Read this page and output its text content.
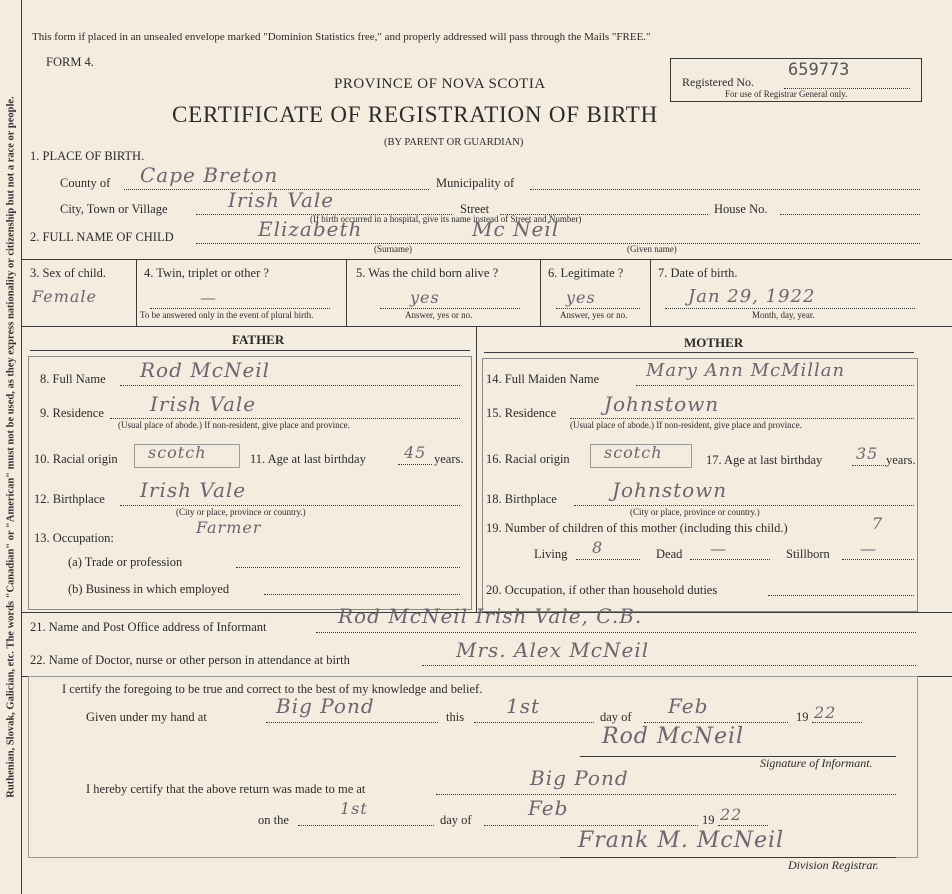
Ruthenian, Slovak, Galician, etc. The words "Canadian" or "American" must not be used, as they express nationality or citizenship but not a race or people.
This form if placed in an unsealed envelope marked "Dominion Statistics free," and properly addressed will pass through the Mails "FREE."
FORM 4.
PROVINCE OF NOVA SCOTIA
CERTIFICATE OF REGISTRATION OF BIRTH
(BY PARENT OR GUARDIAN)
Registered No.
659773
For use of Registrar General only.
1. PLACE OF BIRTH.
County of Cape Breton	Municipality of
City, Town or Village	Irish Vale	Street	House No.
(If birth occurred in a hospital, give its name instead of Street and Number)
2. FULL NAME OF CHILD	Elizabeth	Mc Neil
(Surname)	(Given name)
3. Sex of child.
Female
4. Twin, triplet or other ?
—
To be answered only in the event of plural birth.
5. Was the child born alive ?
yes
Answer, yes or no.
6. Legitimate ?
yes
Answer, yes or no.
7. Date of birth.
Jan 29, 1922
Month, day, year.
FATHER	MOTHER
8. Full Name Rod McNeil
9. Residence Irish Vale
(Usual place of abode.) If non-resident, give place and province.
10. Racial origin scotch	11. Age at last birthday 45 years.
12. Birthplace Irish Vale
(City or place, province or country.)
13. Occupation:
Farmer
(a) Trade or profession
(b) Business in which employed
14. Full Maiden Name	Mary Ann McMillan
15. Residence Johnstown
(Usual place of abode.) If non-resident, give place and province.
16. Racial origin scotch	17. Age at last birthday 35 years.
18. Birthplace	Johnstown
(City or place, province or country.)
19. Number of children of this mother (including this child.)	7
Living 8	Dead —	Stillborn —
20. Occupation, if other than household duties
21. Name and Post Office address of Informant	Rod McNeil Irish Vale, C.B.
22. Name of Doctor, nurse or other person in attendance at birth	Mrs. Alex McNeil
I certify the foregoing to be true and correct to the best of my knowledge and belief.
Given under my hand at	Big Pond	this 1st	day of Feb	19 22
Rod McNeil
Signature of Informant.
I hereby certify that the above return was made to me at	Big Pond
on the
1st
day of	Feb	19 22
Frank M. McNeil
Division Registrar.
